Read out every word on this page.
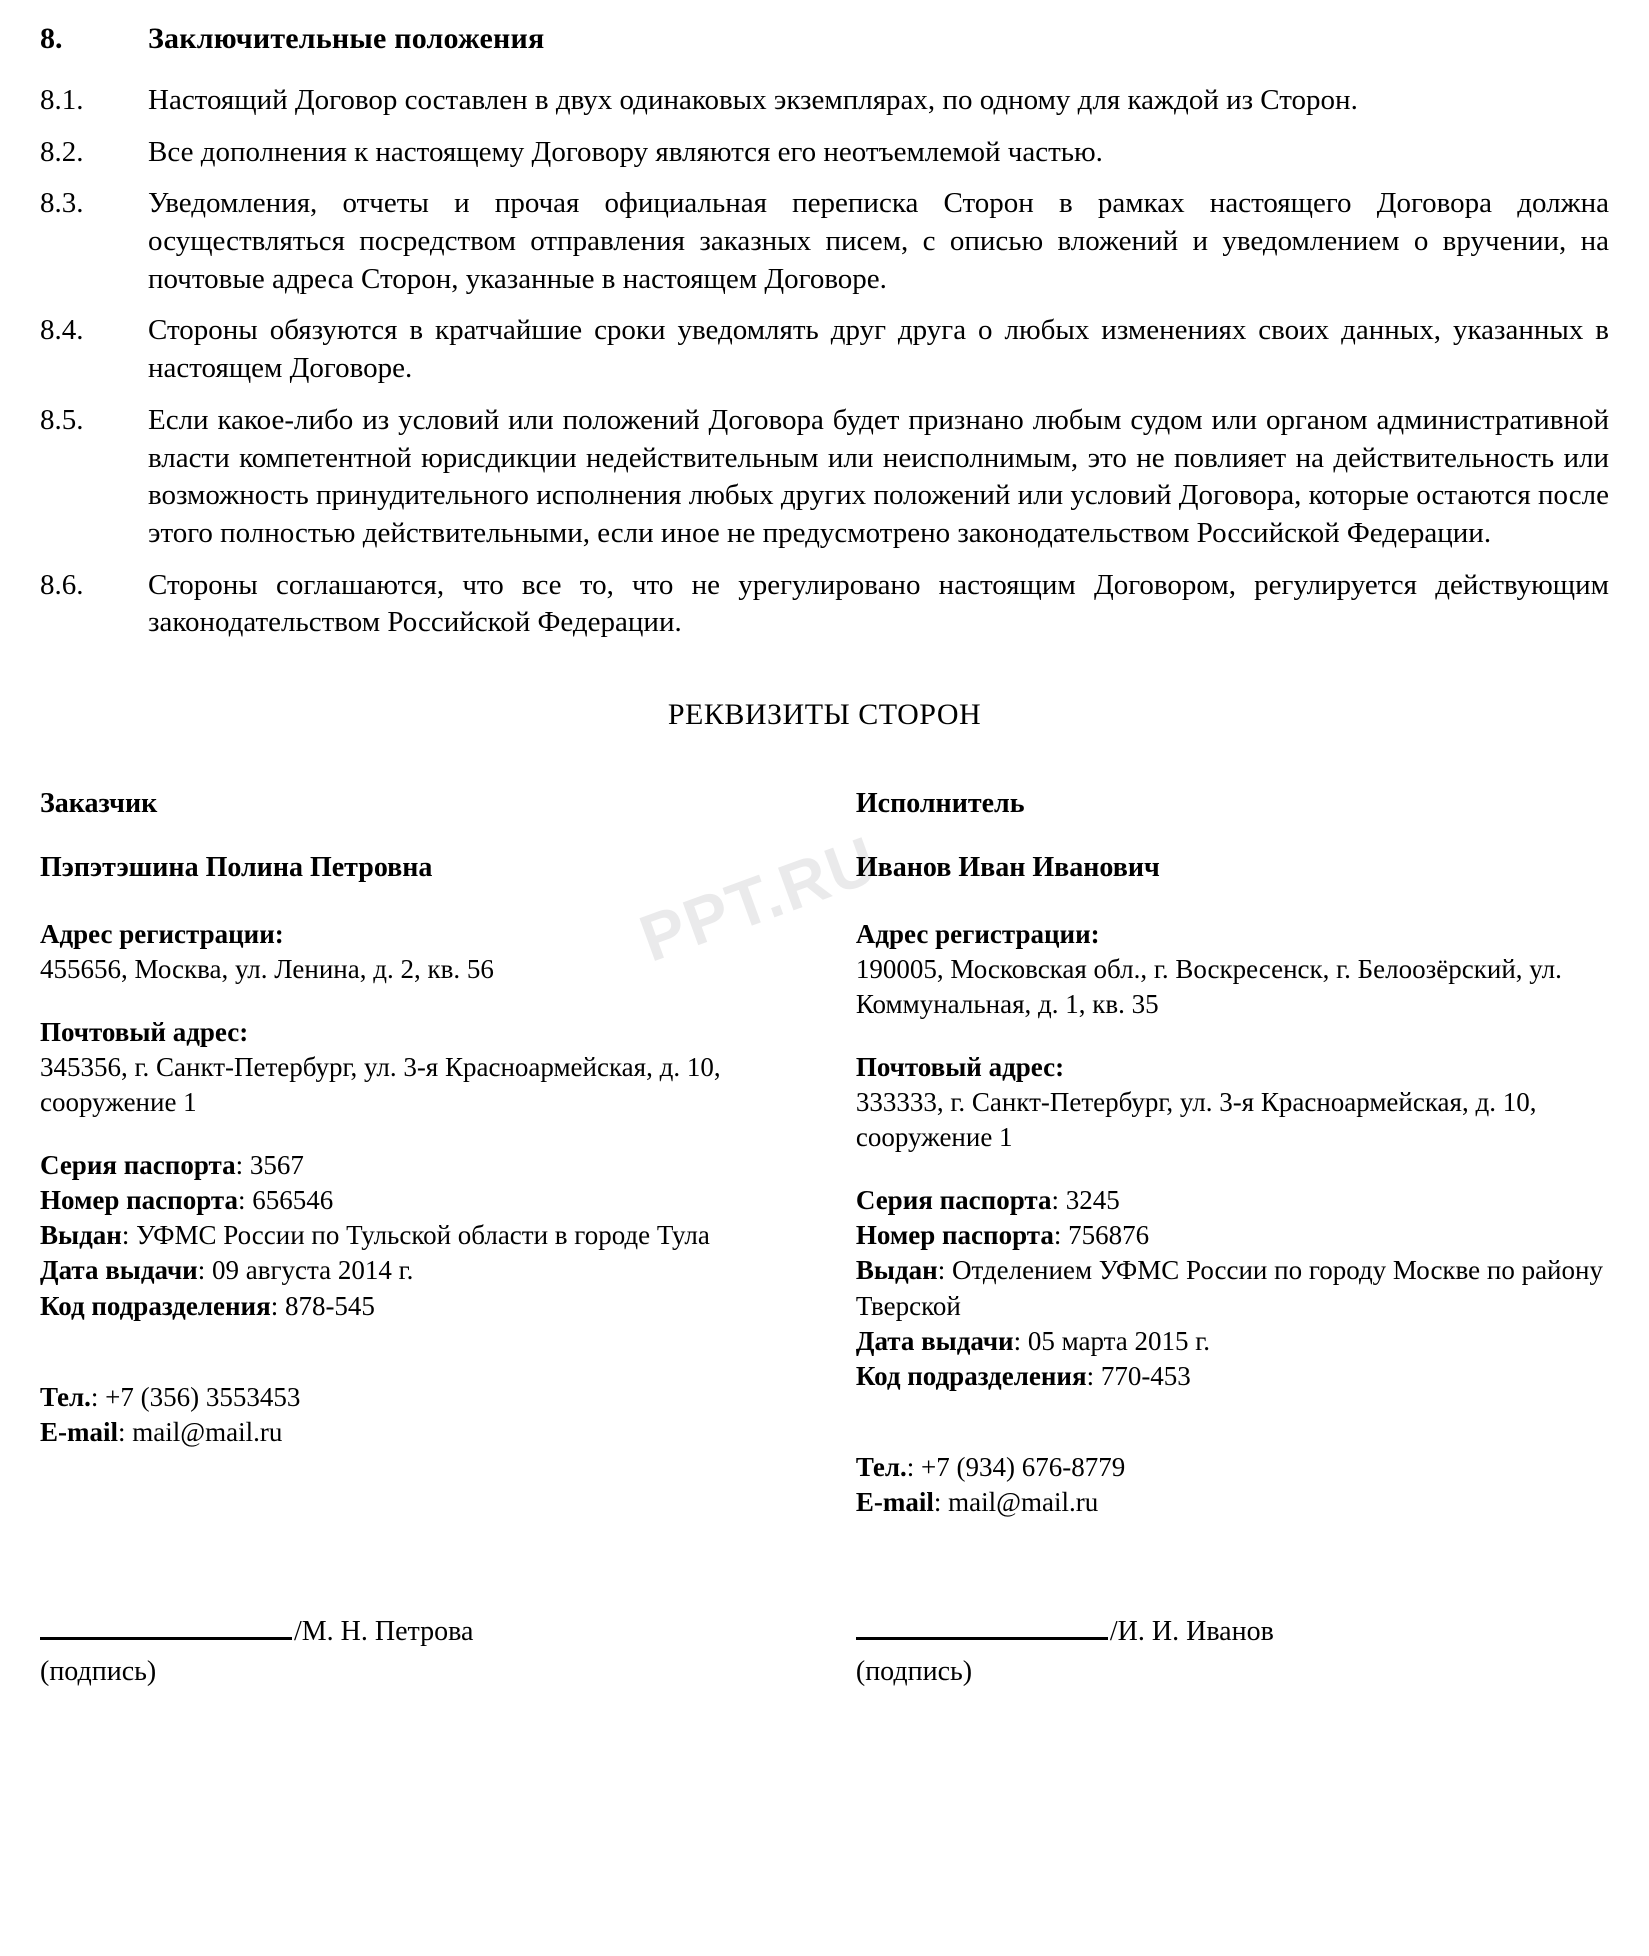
PPT.RU
8.	Заключительные положения
8.1.	Настоящий Договор составлен в двух одинаковых экземплярах, по одному для каждой из Сторон.
8.2.	Все дополнения к настоящему Договору являются его неотъемлемой частью.
8.3.	Уведомления, отчеты и прочая официальная переписка Сторон в рамках настоящего Договора должна осуществляться посредством отправления заказных писем, с описью вложений и уведомлением о вручении, на почтовые адреса Сторон, указанные в настоящем Договоре.
8.4.	Стороны обязуются в кратчайшие сроки уведомлять друг друга о любых изменениях своих данных, указанных в настоящем Договоре.
8.5.	Если какое-либо из условий или положений Договора будет признано любым судом или органом административной власти компетентной юрисдикции недействительным или неисполнимым, это не повлияет на действительность или возможность принудительного исполнения любых других положений или условий Договора, которые остаются после этого полностью действительными, если иное не предусмотрено законодательством Российской Федерации.
8.6.	Стороны соглашаются, что все то, что не урегулировано настоящим Договором, регулируется действующим законодательством Российской Федерации.
РЕКВИЗИТЫ СТОРОН
Заказчик
Пэпэтэшина Полина Петровна
Адрес регистрации:
455656, Москва, ул. Ленина, д. 2, кв. 56
Почтовый адрес:
345356, г. Санкт-Петербург, ул. 3-я Красноармейская, д. 10, сооружение 1
Серия паспорта: 3567
Номер паспорта: 656546
Выдан: УФМС России по Тульской области в городе Тула
Дата выдачи: 09 августа 2014 г.
Код подразделения: 878-545
Тел.: +7 (356) 3553453
E-mail: mail@mail.ru
Исполнитель
Иванов Иван Иванович
Адрес регистрации:
190005, Московская обл., г. Воскресенск, г. Белоозёрский, ул. Коммунальная, д. 1, кв. 35
Почтовый адрес:
333333, г. Санкт-Петербург, ул. 3-я Красноармейская, д. 10, сооружение 1
Серия паспорта: 3245
Номер паспорта: 756876
Выдан: Отделением УФМС России по городу Москве по району Тверской
Дата выдачи: 05 марта 2015 г.
Код подразделения: 770-453
Тел.: +7 (934) 676-8779
E-mail: mail@mail.ru
/М. Н. Петрова
(подпись)
/И. И. Иванов
(подпись)
